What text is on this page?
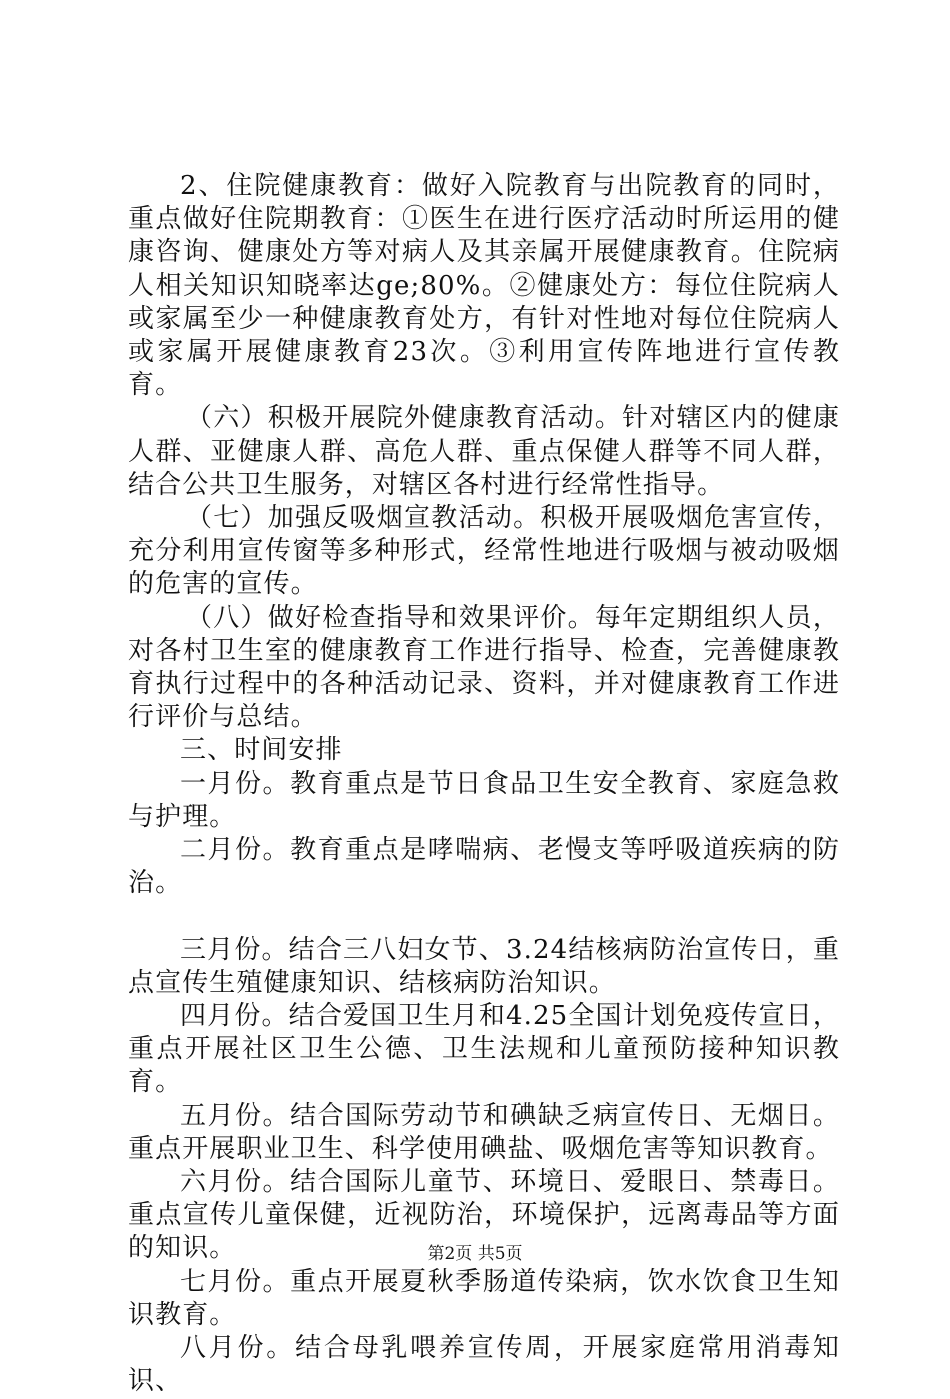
2、住院健康教育：做好入院教育与出院教育的同时，重点做好住院期教育：①医生在进行医疗活动时所运用的健康咨询、健康处方等对病人及其亲属开展健康教育。住院病人相关知识知晓率达ge;80%。②健康处方：每位住院病人或家属至少一种健康教育处方，有针对性地对每位住院病人或家属开展健康教育23次。③利用宣传阵地进行宣传教育。

（六）积极开展院外健康教育活动。针对辖区内的健康人群、亚健康人群、高危人群、重点保健人群等不同人群，结合公共卫生服务，对辖区各村进行经常性指导。

（七）加强反吸烟宣教活动。积极开展吸烟危害宣传，充分利用宣传窗等多种形式，经常性地进行吸烟与被动吸烟的危害的宣传。

（八）做好检查指导和效果评价。每年定期组织人员，对各村卫生室的健康教育工作进行指导、检查，完善健康教育执行过程中的各种活动记录、资料，并对健康教育工作进行评价与总结。

三、时间安排

一月份。教育重点是节日食品卫生安全教育、家庭急救与护理。

二月份。教育重点是哮喘病、老慢支等呼吸道疾病的防治。

三月份。结合三八妇女节、3.24结核病防治宣传日，重点宣传生殖健康知识、结核病防治知识。

四月份。结合爱国卫生月和4.25全国计划免疫传宣日，重点开展社区卫生公德、卫生法规和儿童预防接种知识教育。

五月份。结合国际劳动节和碘缺乏病宣传日、无烟日。重点开展职业卫生、科学使用碘盐、吸烟危害等知识教育。

六月份。结合国际儿童节、环境日、爱眼日、禁毒日。重点宣传儿童保健，近视防治，环境保护，远离毒品等方面的知识。

七月份。重点开展夏秋季肠道传染病，饮水饮食卫生知识教育。

八月份。结合母乳喂养宣传周，开展家庭常用消毒知识、

第2页 共5页
